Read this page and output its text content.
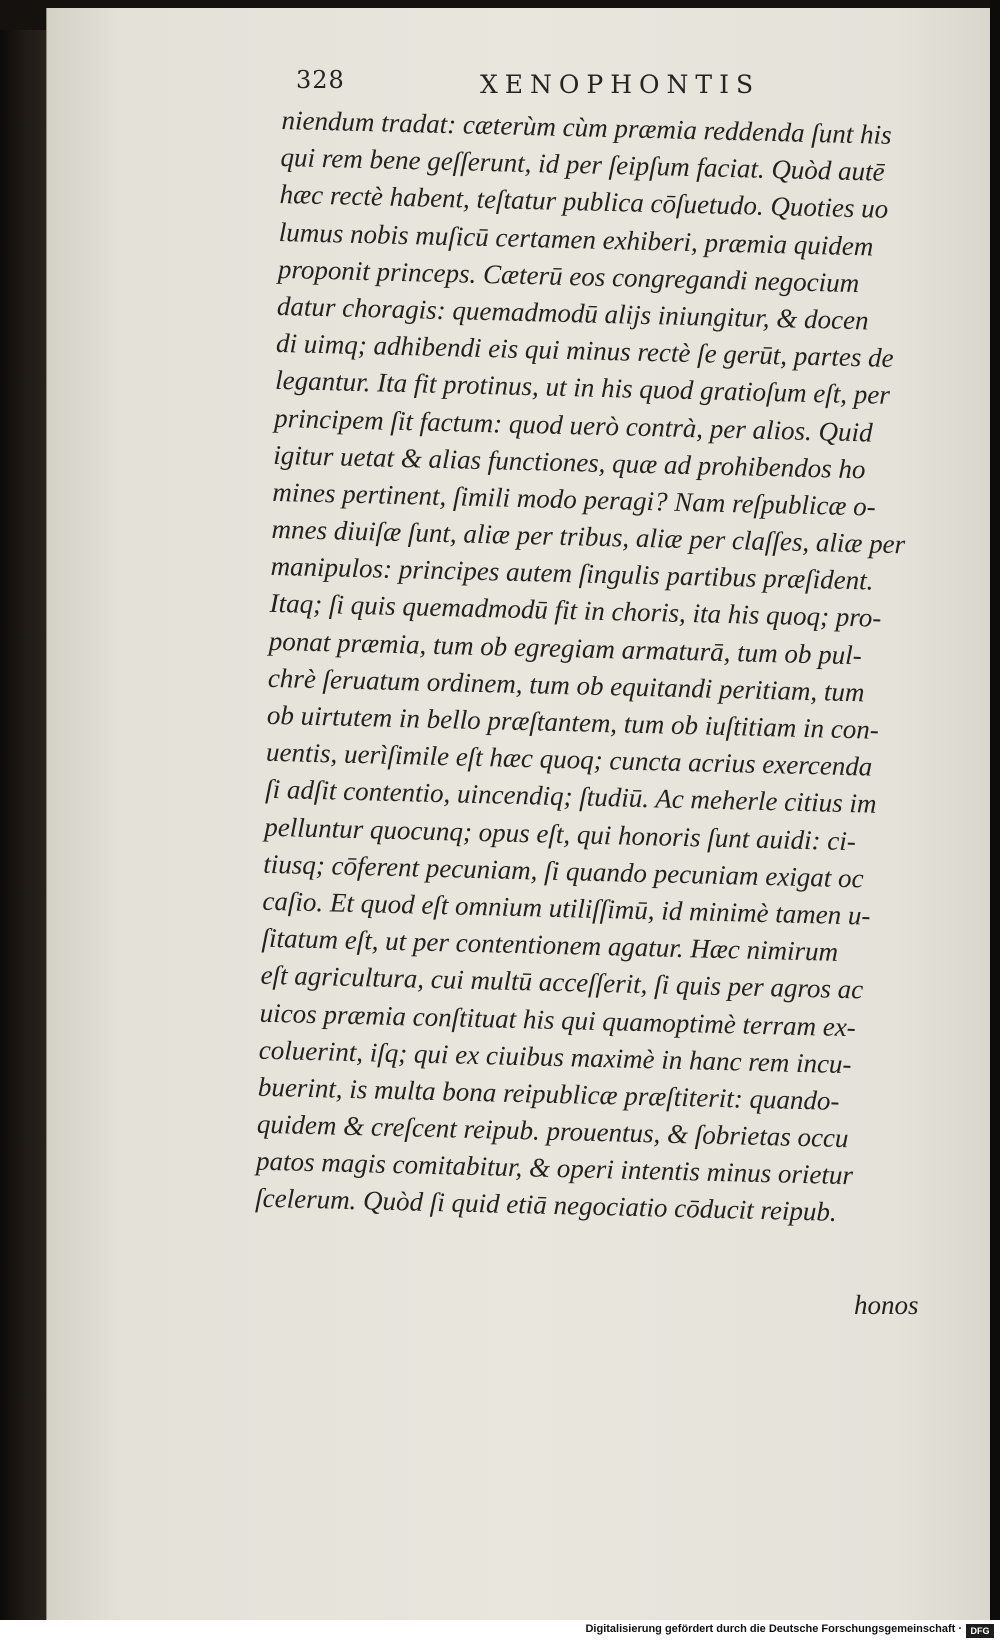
328	XENOPHONTIS
niendum tradat: cæterùm cùm præmia reddenda ſunt his
qui rem bene geſſerunt, id per ſeipſum faciat. Quòd autē
hæc rectè habent, teſtatur publica cōſuetudo. Quoties uo
lumus nobis muſicū certamen exhiberi, præmia quidem
proponit princeps. Cæterū eos congregandi negocium
datur choragis: quemadmodū alijs iniungitur, & docen
di uimq; adhibendi eis qui minus rectè ſe gerūt, partes de
legantur. Ita fit protinus, ut in his quod gratioſum eſt, per
principem ſit factum: quod uerò contrà, per alios. Quid
igitur uetat & alias functiones, quæ ad prohibendos ho
mines pertinent, ſimili modo peragi? Nam reſpublicæ o-
mnes diuiſæ ſunt, aliæ per tribus, aliæ per claſſes, aliæ per
manipulos: principes autem ſingulis partibus præſident.
Itaq; ſi quis quemadmodū fit in choris, ita his quoq; pro-
ponat præmia, tum ob egregiam armaturā, tum ob pul-
chrè ſeruatum ordinem, tum ob equitandi peritiam, tum
ob uirtutem in bello præſtantem, tum ob iuſtitiam in con-
uentis, uerìſimile eſt hæc quoq; cuncta acrius exercenda
ſi adſit contentio, uincendiq; ſtudiū. Ac meherle citius im
pelluntur quocunq; opus eſt, qui honoris ſunt auidi: ci-
tiusq; cōferent pecuniam, ſi quando pecuniam exigat oc
caſio. Et quod eſt omnium utiliſſimū, id minimè tamen u-
ſitatum eſt, ut per contentionem agatur. Hæc nimirum
eſt agricultura, cui multū acceſſerit, ſi quis per agros ac
uicos præmia conſtituat his qui quamoptimè terram ex-
coluerint, iſq; qui ex ciuibus maximè in hanc rem incu-
buerint, is multa bona reipublicæ præſtiterit: quando-
quidem & creſcent reipub. prouentus, & ſobrietas occu
patos magis comitabitur, & operi intentis minus orietur
ſcelerum. Quòd ſi quid etiā negociatio cōducit reipub.
honos
Digitalisierung gefördert durch die Deutsche Forschungsgemeinschaft · DFG
